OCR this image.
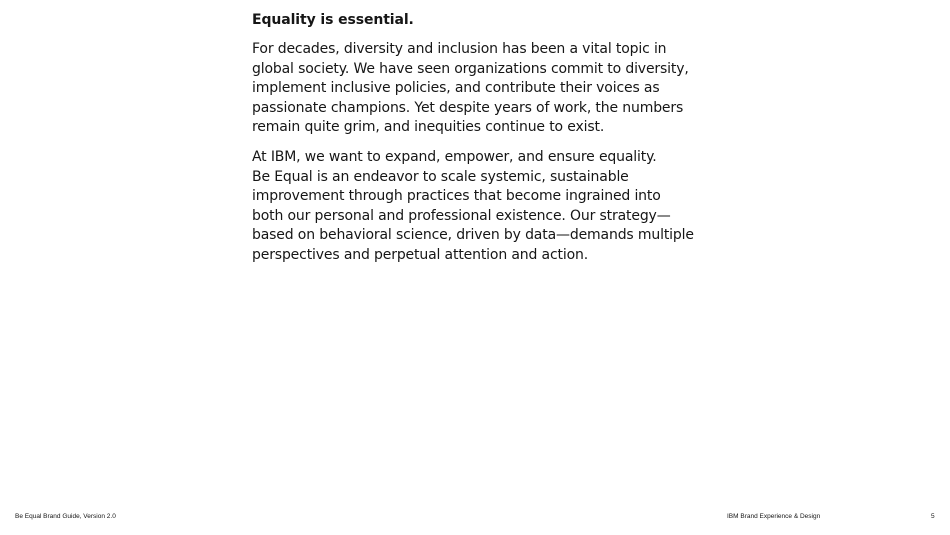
Equality is essential.

For decades, diversity and inclusion has been a vital topic in
global society. We have seen organizations commit to diversity,
implement inclusive policies, and contribute their voices as
passionate champions. Yet despite years of work, the numbers
remain quite grim, and inequities continue to exist.

At IBM, we want to expand, empower, and ensure equality.
Be Equal is an endeavor to scale systemic, sustainable
improvement through practices that become ingrained into
both our personal and professional existence. Our strategy—
based on behavioral science, driven by data—demands multiple
perspectives and perpetual attention and action.

Be Equal Brand Guide, Version 2.0	IBM Brand Experience & Design	5
